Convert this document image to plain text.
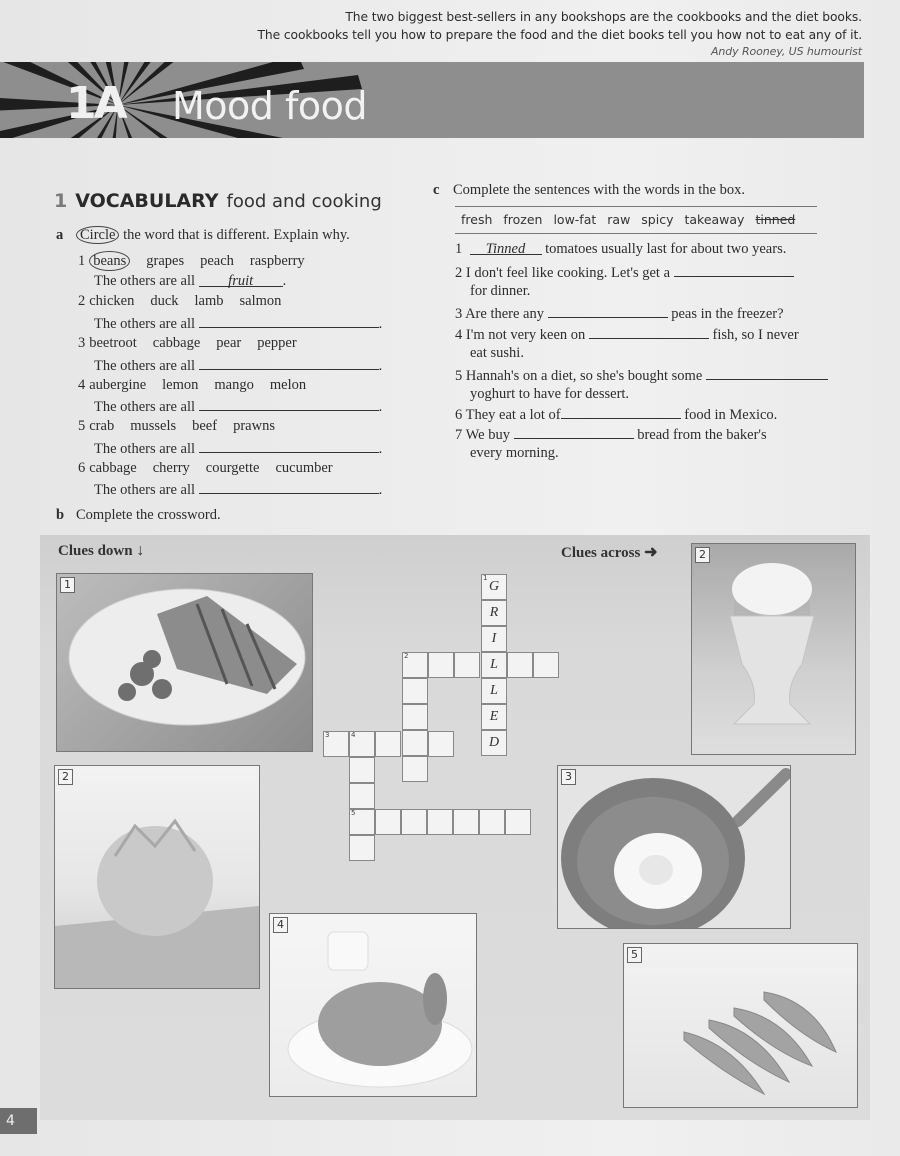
The two biggest best-sellers in any bookshops are the cookbooks and the diet books.
The cookbooks tell you how to prepare the food and the diet books tell you how not to eat any of it.
Andy Rooney, US humourist
1A Mood food
1 VOCABULARY food and cooking
a Circle the word that is different. Explain why.
1 beans grapes peach raspberry
The others are all fruit .
2 chicken duck lamb salmon
The others are all	.
3 beetroot cabbage pear pepper
The others are all	.
4 aubergine lemon mango melon
The others are all	.
5 crab mussels beef prawns
The others are all	.
6 cabbage cherry courgette cucumber
The others are all	.
b Complete the crossword.
c Complete the sentences with the words in the box.
fresh frozen low-fat raw spicy takeaway tinned
1 Tinned tomatoes usually last for about two years.
2 I don't feel like cooking. Let's get a
for dinner.
3 Are there any	peas in the freezer?
4 I'm not very keen on	fish, so I never
eat sushi.
5 Hannah's on a diet, so she's bought some
yoghurt to have for dessert.
6 They eat a lot of	food in Mexico.
7 We buy	bread from the baker's
every morning.
Clues down ↓	Clues across ➜
1
2
4
2
3
5
1
G
R
I
L
L
E
D
2
3	4
5
4
